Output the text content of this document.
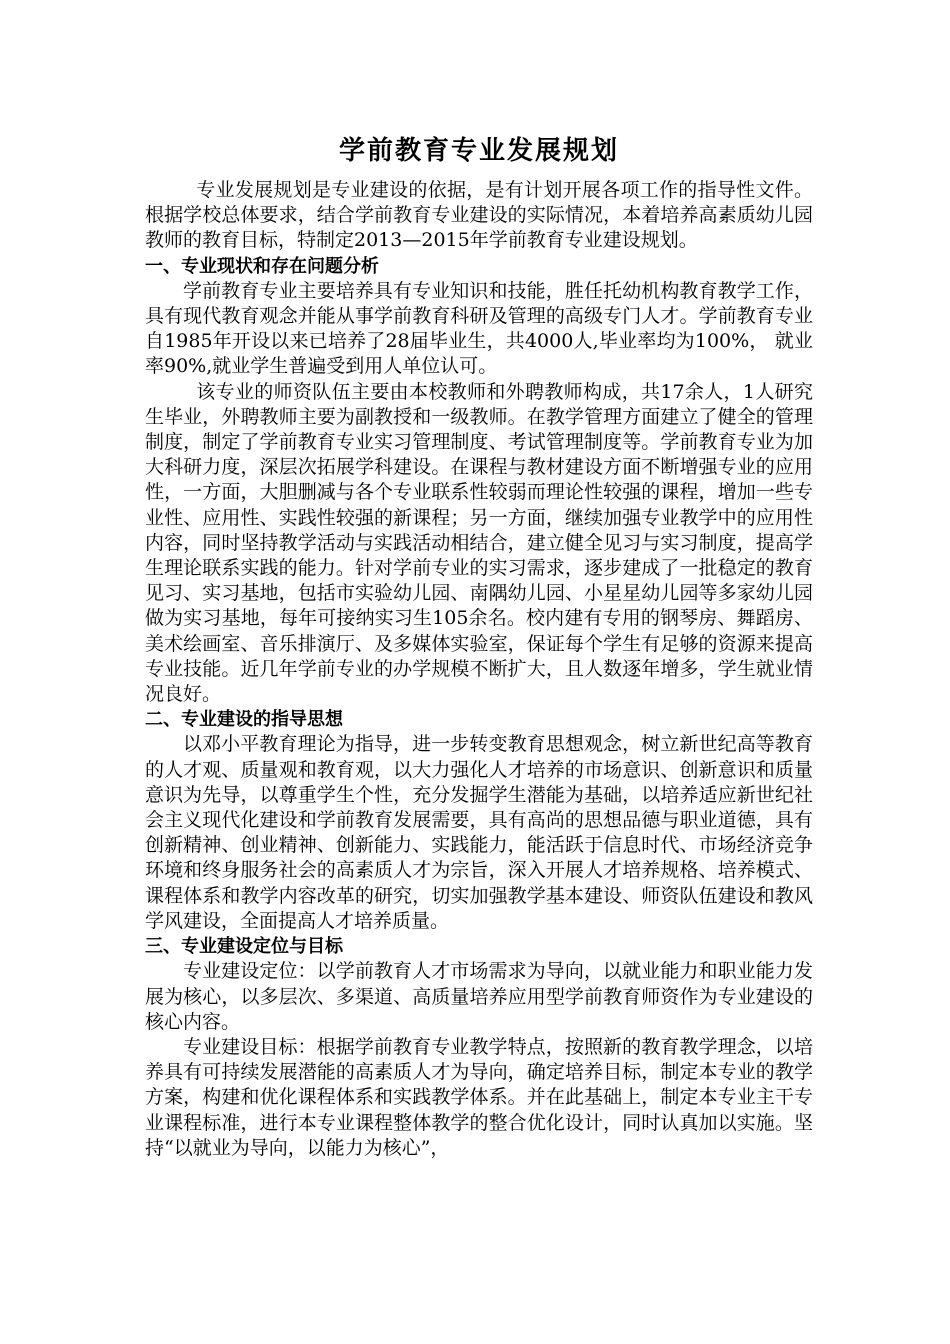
学前教育专业发展规划

专业发展规划是专业建设的依据，是有计划开展各项工作的指导性文件。根据学校总体要求，结合学前教育专业建设的实际情况，本着培养高素质幼儿园教师的教育目标，特制定2013—2015年学前教育专业建设规划。

一、专业现状和存在问题分析

学前教育专业主要培养具有专业知识和技能，胜任托幼机构教育教学工作，具有现代教育观念并能从事学前教育科研及管理的高级专门人才。学前教育专业自1985年开设以来已培养了28届毕业生，共4000人,毕业率均为100%， 就业率90%,就业学生普遍受到用人单位认可。

该专业的师资队伍主要由本校教师和外聘教师构成，共17余人，1人研究生毕业，外聘教师主要为副教授和一级教师。在教学管理方面建立了健全的管理制度，制定了学前教育专业实习管理制度、考试管理制度等。学前教育专业为加大科研力度，深层次拓展学科建设。在课程与教材建设方面不断增强专业的应用性，一方面，大胆删减与各个专业联系性较弱而理论性较强的课程，增加一些专业性、应用性、实践性较强的新课程；另一方面，继续加强专业教学中的应用性内容，同时坚持教学活动与实践活动相结合，建立健全见习与实习制度，提高学生理论联系实践的能力。针对学前专业的实习需求，逐步建成了一批稳定的教育见习、实习基地，包括市实验幼儿园、南隅幼儿园、小星星幼儿园等多家幼儿园做为实习基地，每年可接纳实习生105余名。校内建有专用的钢琴房、舞蹈房、美术绘画室、音乐排演厅、及多媒体实验室，保证每个学生有足够的资源来提高专业技能。近几年学前专业的办学规模不断扩大，且人数逐年增多，学生就业情况良好。

二、专业建设的指导思想

以邓小平教育理论为指导，进一步转变教育思想观念，树立新世纪高等教育的人才观、质量观和教育观，以大力强化人才培养的市场意识、创新意识和质量意识为先导，以尊重学生个性，充分发掘学生潜能为基础，以培养适应新世纪社会主义现代化建设和学前教育发展需要，具有高尚的思想品德与职业道德，具有创新精神、创业精神、创新能力、实践能力，能活跃于信息时代、市场经济竞争环境和终身服务社会的高素质人才为宗旨，深入开展人才培养规格、培养模式、课程体系和教学内容改革的研究，切实加强教学基本建设、师资队伍建设和教风学风建设，全面提高人才培养质量。

三、专业建设定位与目标

专业建设定位：以学前教育人才市场需求为导向，以就业能力和职业能力发展为核心，以多层次、多渠道、高质量培养应用型学前教育师资作为专业建设的核心内容。

专业建设目标：根据学前教育专业教学特点，按照新的教育教学理念，以培养具有可持续发展潜能的高素质人才为导向，确定培养目标，制定本专业的教学方案，构建和优化课程体系和实践教学体系。并在此基础上，制定本专业主干专业课程标准，进行本专业课程整体教学的整合优化设计，同时认真加以实施。坚持“以就业为导向，以能力为核心”，
